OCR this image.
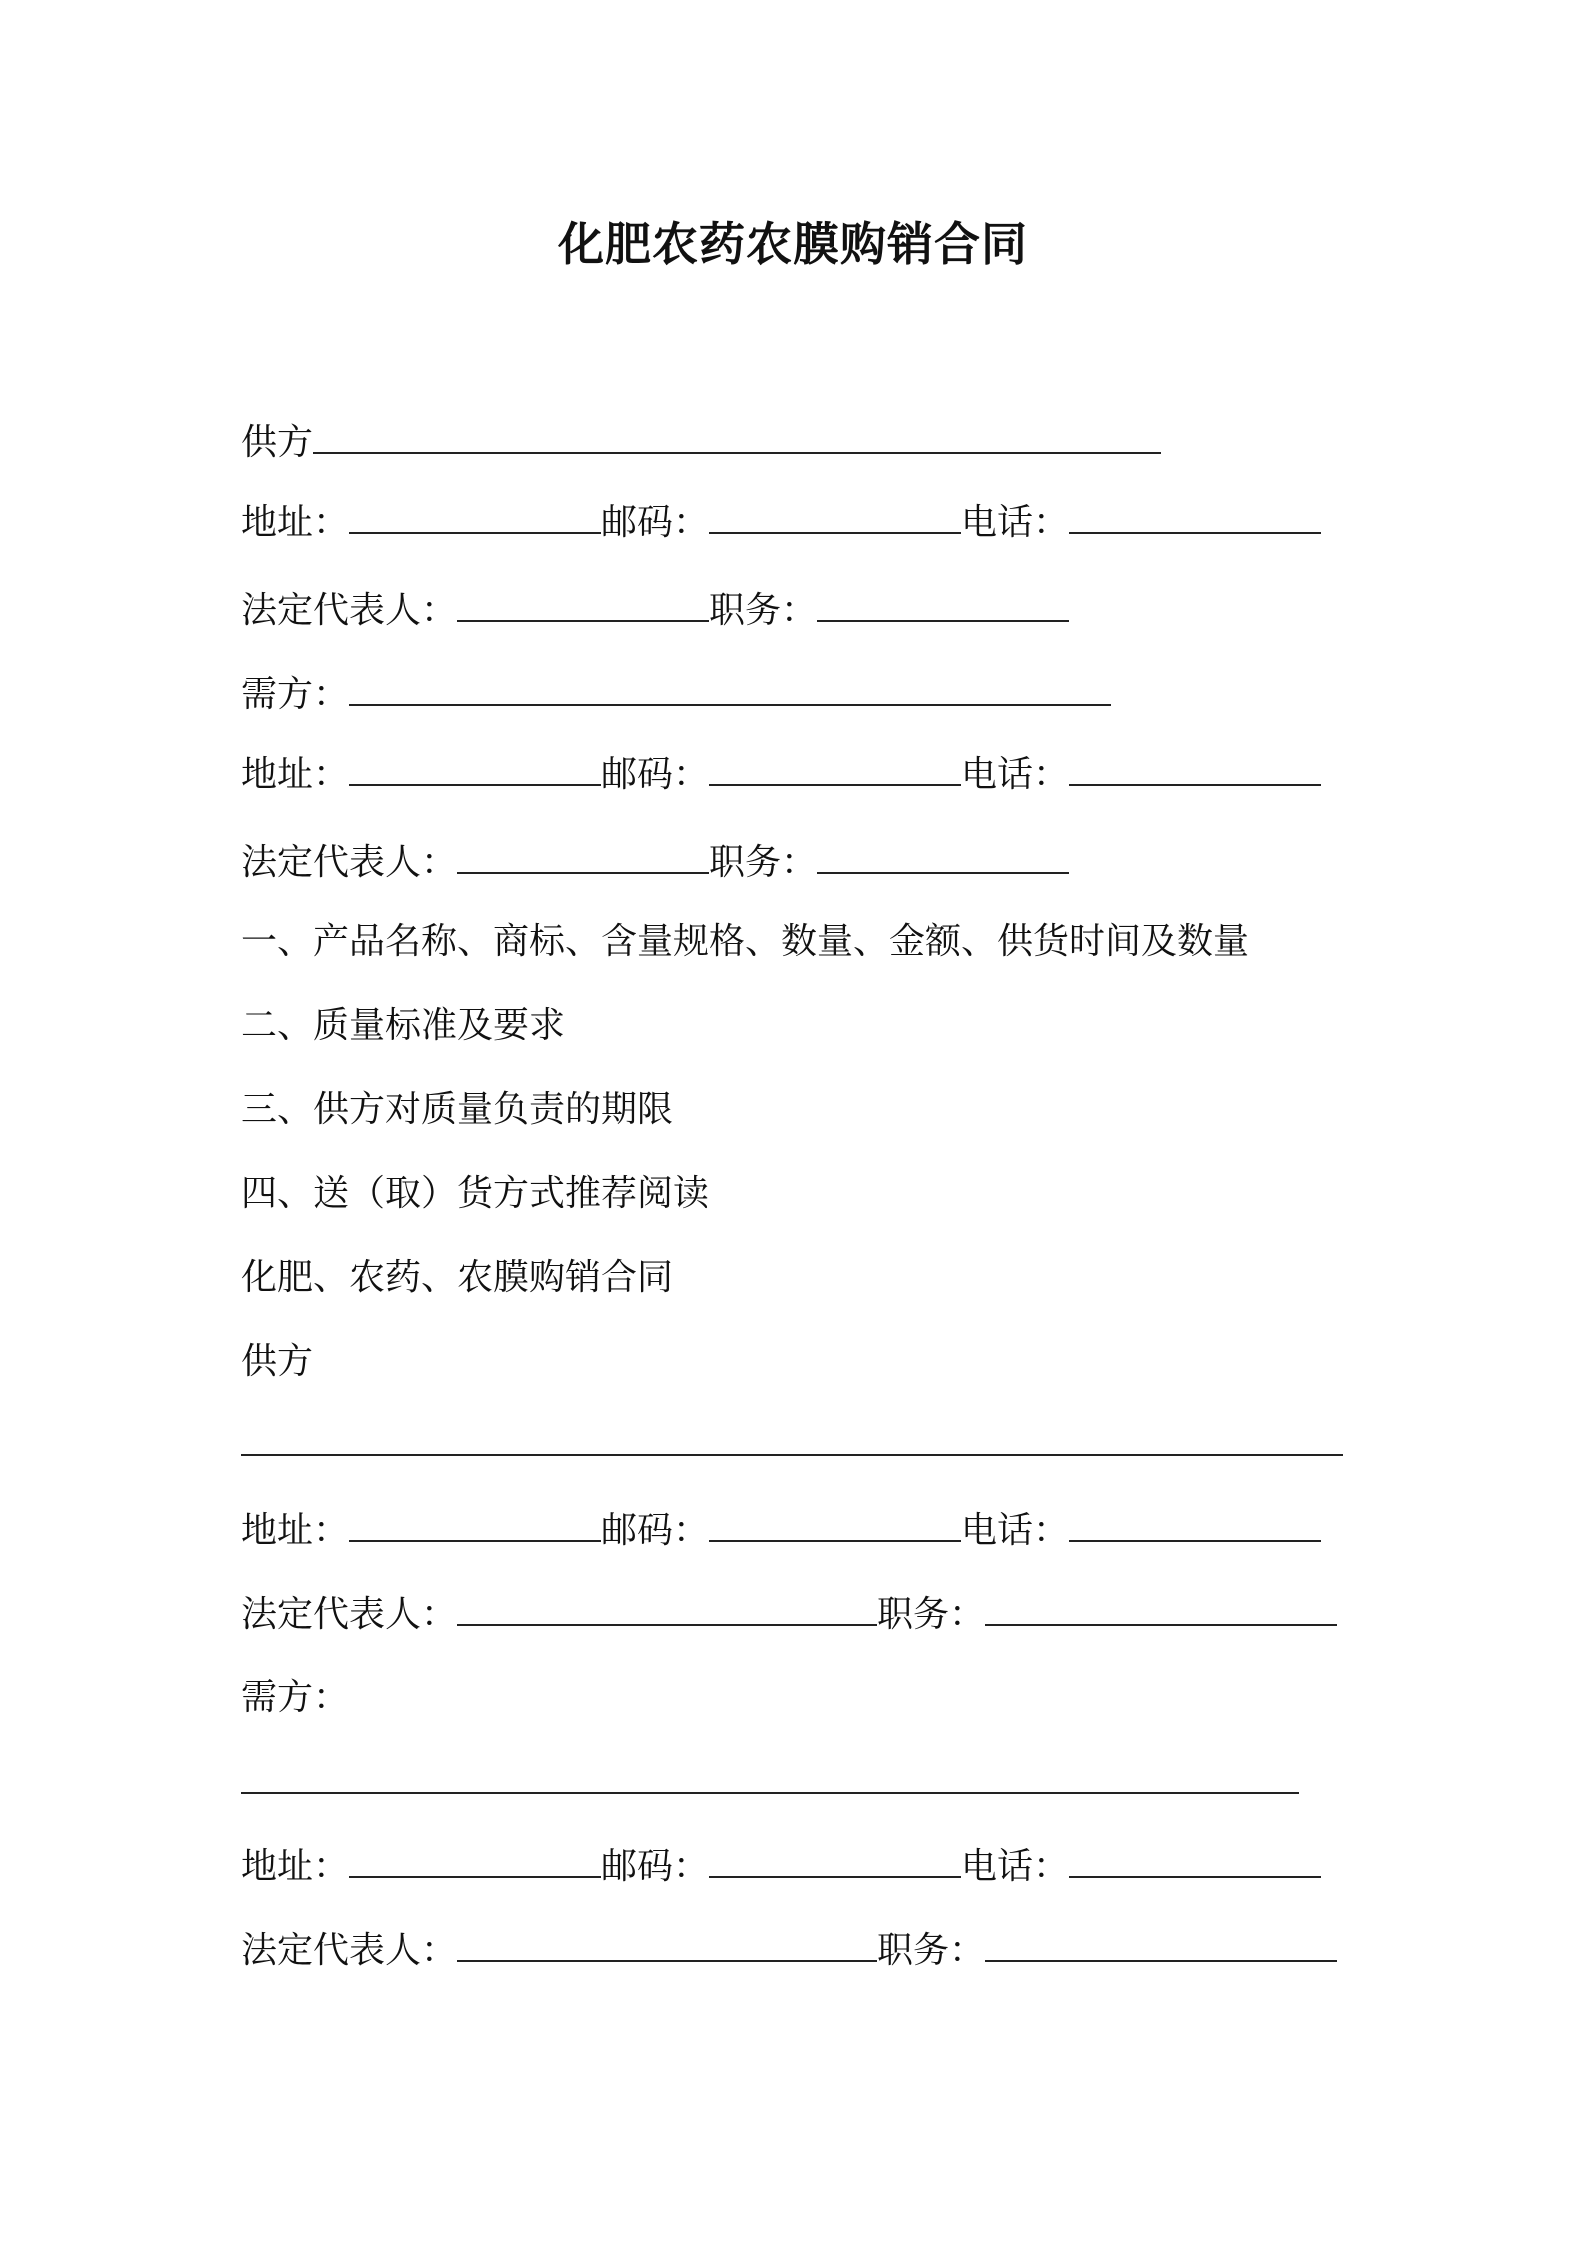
化肥农药农膜购销合同
供方
地址：	邮码：	电话：
法定代表人：	职务：
需方：
地址：	邮码：	电话：
法定代表人：	职务：
一、产品名称、商标、含量规格、数量、金额、供货时间及数量
二、质量标准及要求
三、供方对质量负责的期限
四、送（取）货方式推荐阅读
化肥、农药、农膜购销合同
供方
地址：	邮码：	电话：
法定代表人：	职务：
需方：
地址：	邮码：	电话：
法定代表人：	职务：
